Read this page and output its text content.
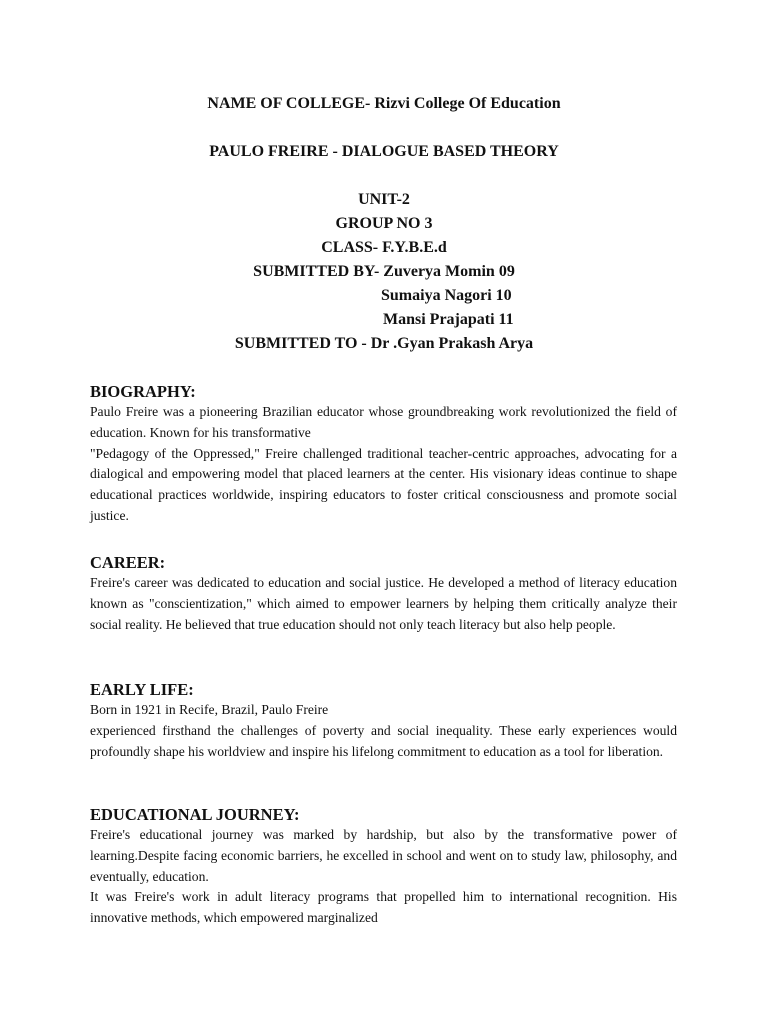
NAME OF COLLEGE- Rizvi College Of Education
PAULO FREIRE - DIALOGUE BASED THEORY
UNIT-2
GROUP NO 3
CLASS- F.Y.B.E.d
SUBMITTED BY- Zuverya Momin 09
Sumaiya Nagori 10
Mansi Prajapati 11
SUBMITTED TO - Dr .Gyan Prakash Arya
BIOGRAPHY:

Paulo Freire was a pioneering Brazilian educator whose groundbreaking work revolutionized the field of education. Known for his transformative

"Pedagogy of the Oppressed," Freire challenged traditional teacher-centric approaches, advocating for a dialogical and empowering model that placed learners at the center. His visionary ideas continue to shape educational practices worldwide, inspiring educators to foster critical consciousness and promote social justice.

CAREER:

Freire's career was dedicated to education and social justice. He developed a method of literacy education known as "conscientization," which aimed to empower learners by helping them critically analyze their social reality. He believed that true education should not only teach literacy but also help people.

EARLY LIFE:

Born in 1921 in Recife, Brazil, Paulo Freire

experienced firsthand the challenges of poverty and social inequality. These early experiences would profoundly shape his worldview and inspire his lifelong commitment to education as a tool for liberation.

EDUCATIONAL JOURNEY:

Freire's educational journey was marked by hardship, but also by the transformative power of learning.Despite facing economic barriers, he excelled in school and went on to study law, philosophy, and eventually, education.

It was Freire's work in adult literacy programs that propelled him to international recognition. His innovative methods, which empowered marginalized
